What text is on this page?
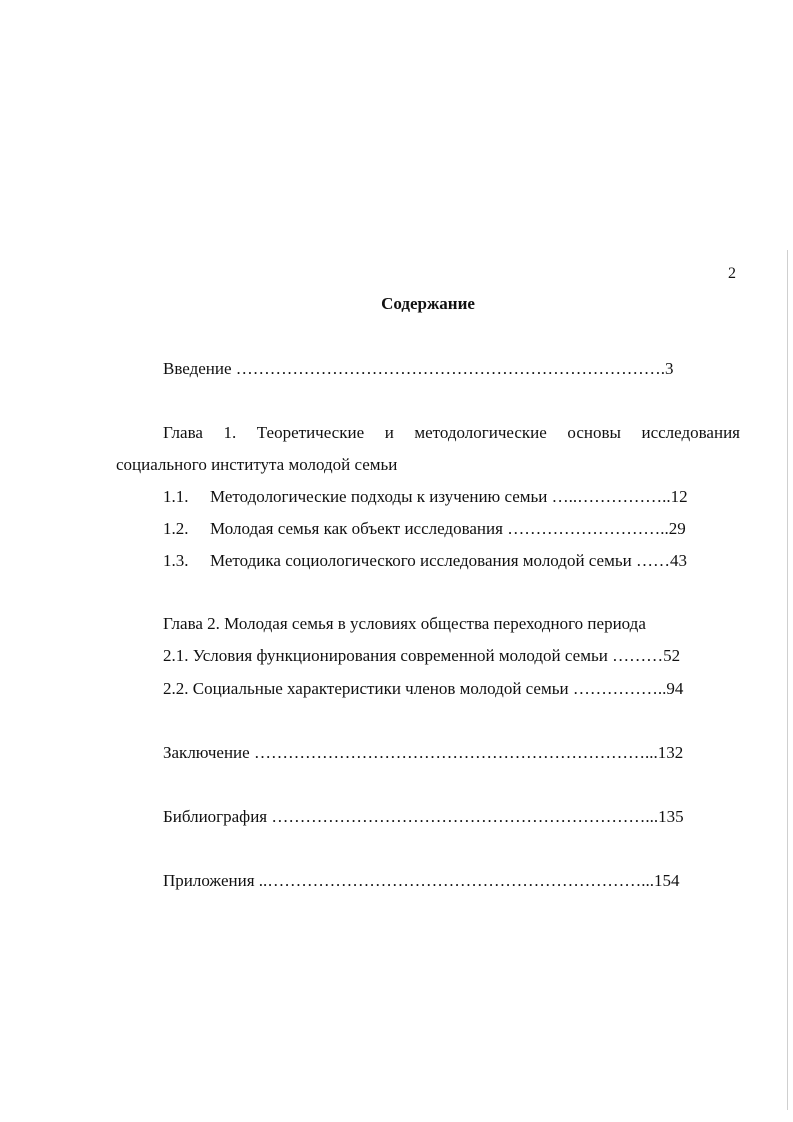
2
Содержание
Введение ………………………………………………………………….3
Глава 1. Теоретические и методологические основы исследования
социального института молодой семьи
1.1. Методологические подходы к изучению семьи …..……………..12
1.2. Молодая семья как объект исследования ………………………..29
1.3. Методика социологического исследования молодой семьи ……43
Глава 2. Молодая семья в условиях общества переходного периода
2.1. Условия функционирования современной молодой семьи ………52
2.2. Социальные характеристики членов молодой семьи ……………..94
Заключение ……………………………………………………………...132
Библиография …………………………………………………………...135
Приложения ..…………………………………………………………...154
